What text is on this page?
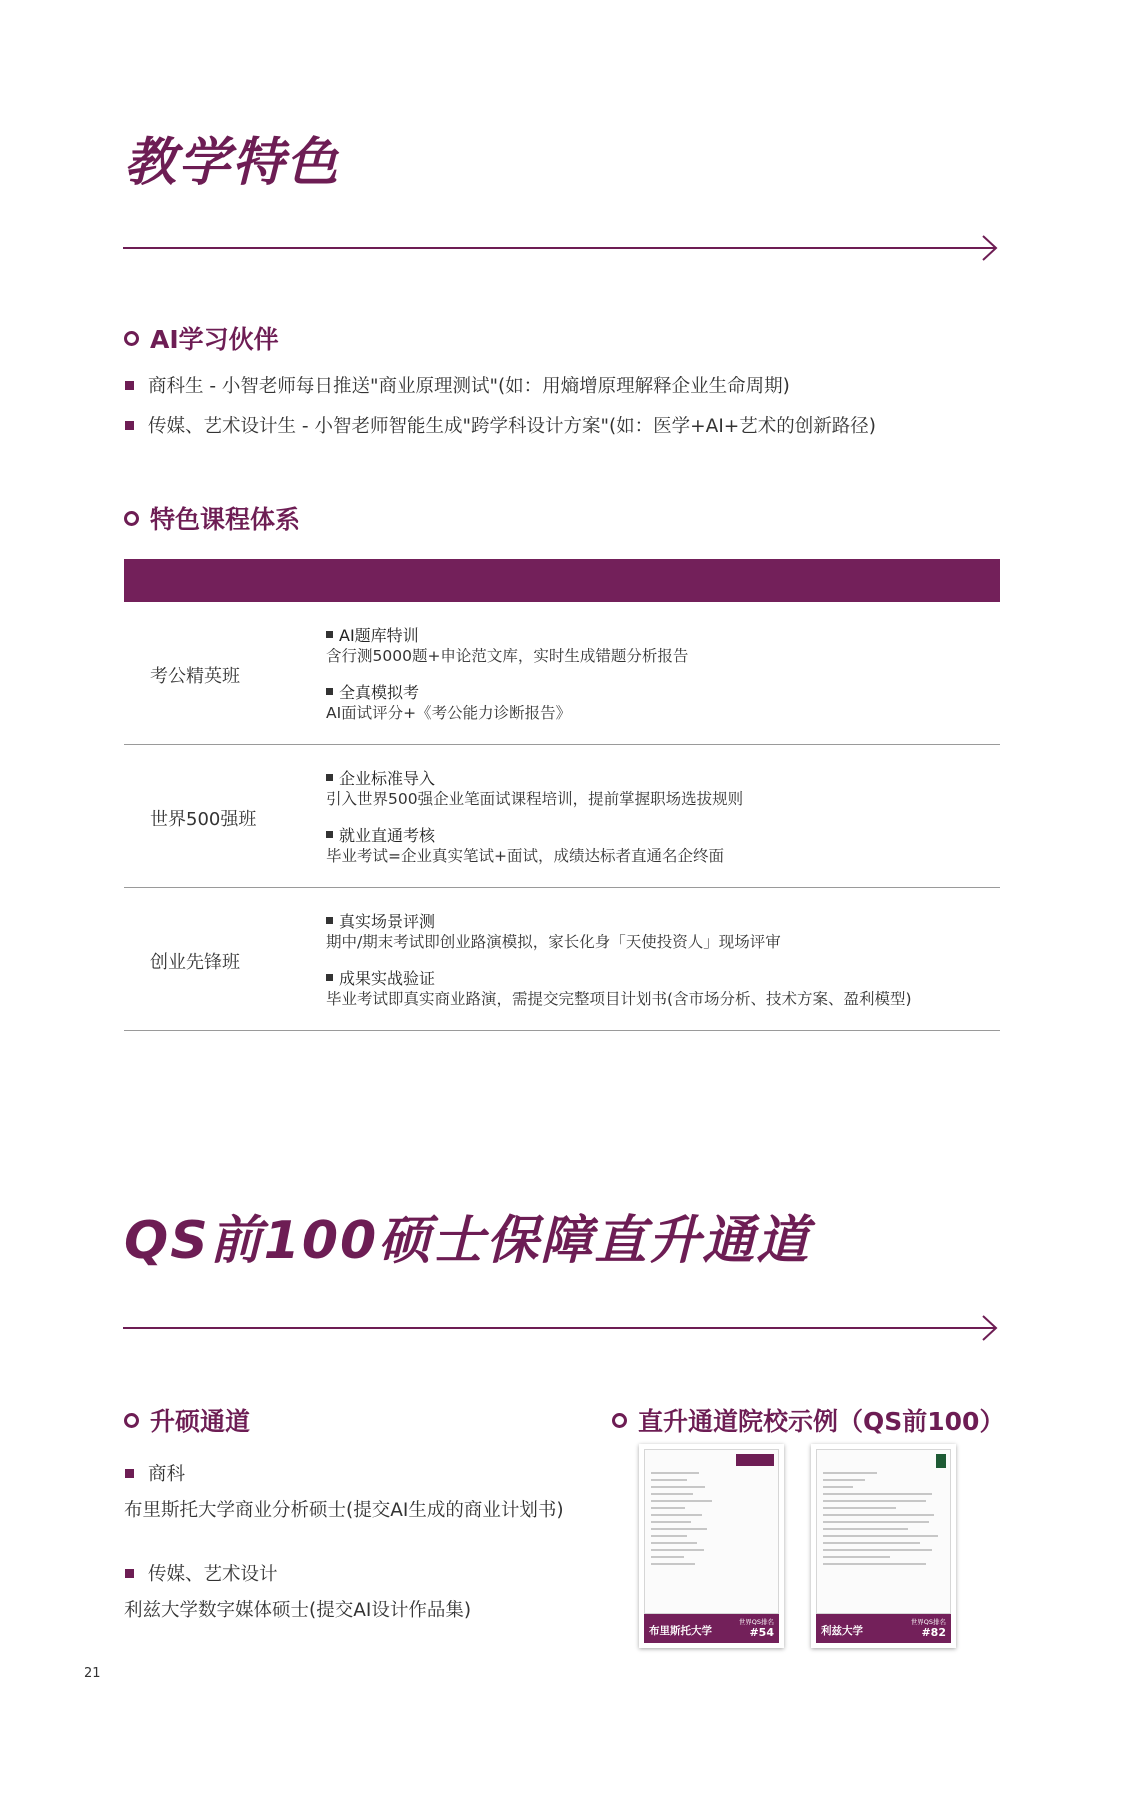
教学特色
AI学习伙伴
商科生 - 小智老师每日推送"商业原理测试"(如：用熵增原理解释企业生命周期)
传媒、艺术设计生 - 小智老师智能生成"跨学科设计方案"(如：医学+AI+艺术的创新路径)
特色课程体系
考公精英班
AI题库特训
含行测5000题+申论范文库，实时生成错题分析报告
全真模拟考
AI面试评分+《考公能力诊断报告》
世界500强班
企业标准导入
引入世界500强企业笔面试课程培训，提前掌握职场选拔规则
就业直通考核
毕业考试=企业真实笔试+面试，成绩达标者直通名企终面
创业先锋班
真实场景评测
期中/期末考试即创业路演模拟，家长化身「天使投资人」现场评审
成果实战验证
毕业考试即真实商业路演，需提交完整项目计划书(含市场分析、技术方案、盈利模型)
QS前100硕士保障直升通道
升硕通道
商科
布里斯托大学商业分析硕士(提交AI生成的商业计划书)
传媒、艺术设计
利兹大学数字媒体硕士(提交AI设计作品集)
直升通道院校示例（QS前100）
布里斯托大学
世界QS排名
#54	利兹大学
世界QS排名
#82
21
